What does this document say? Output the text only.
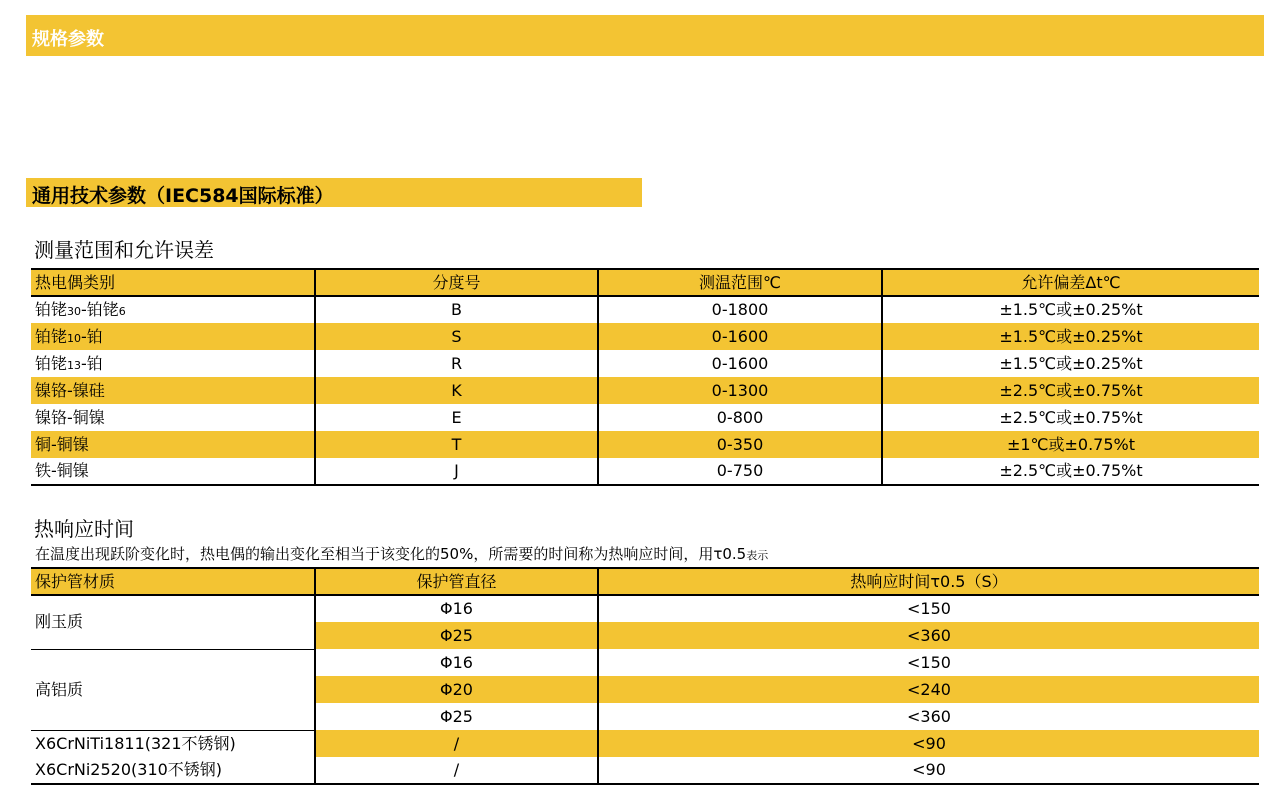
规格参数
通用技术参数（IEC584国际标准）
测量范围和允许误差
热电偶类别	分度号	测温范围℃	允许偏差Δt℃
铂铑30-铂铑6	B	0-1800	±1.5℃或±0.25%t
铂铑10-铂	S	0-1600	±1.5℃或±0.25%t
铂铑13-铂	R	0-1600	±1.5℃或±0.25%t
镍铬-镍硅	K	0-1300	±2.5℃或±0.75%t
镍铬-铜镍	E	0-800	±2.5℃或±0.75%t
铜-铜镍	T	0-350	±1℃或±0.75%t
铁-铜镍	J	0-750	±2.5℃或±0.75%t
热响应时间
在温度出现跃阶变化时，热电偶的输出变化至相当于该变化的50%，所需要的时间称为热响应时间，用τ0.5表示
保护管材质	保护管直径	热响应时间τ0.5（S）
刚玉质	Φ16	<150
	Φ25	<360
高铝质	Φ16	<150
	Φ20	<240
	Φ25	<360
X6CrNiTi1811(321不锈钢)	/	<90
X6CrNi2520(310不锈钢)	/	<90
